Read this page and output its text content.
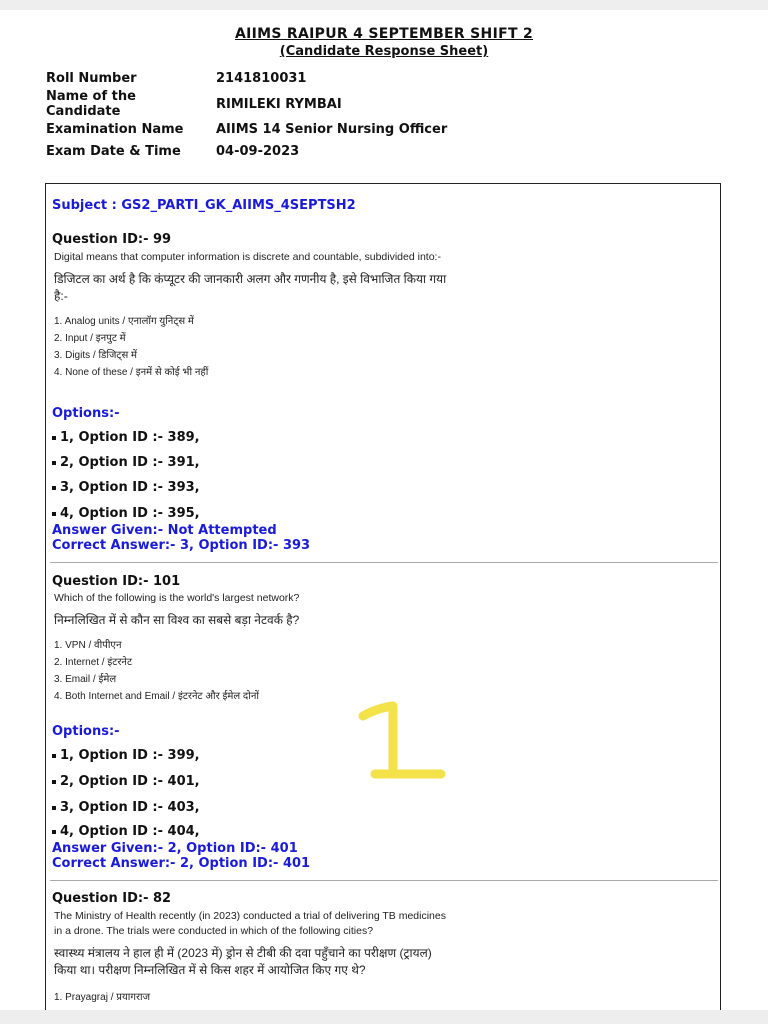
AIIMS RAIPUR 4 SEPTEMBER SHIFT 2
(Candidate Response Sheet)
Roll Number	2141810031
Name of the
Candidate	RIMILEKI RYMBAI
Examination Name	AIIMS 14 Senior Nursing Officer
Exam Date & Time	04-09-2023
Subject : GS2_PARTI_GK_AIIMS_4SEPTSH2
Question ID:- 99
Digital means that computer information is discrete and countable, subdivided into:-
डिजिटल का अर्थ है कि कंप्यूटर की जानकारी अलग और गणनीय है, इसे विभाजित किया गया
है:-
1. Analog units / एनालॉग युनिट्स में
2. Input / इनपुट में
3. Digits / डिजिट्स में
4. None of these / इनमें से कोई भी नहीं
Options:-
1, Option ID :- 389,
2, Option ID :- 391,
3, Option ID :- 393,
4, Option ID :- 395,
Answer Given:- Not Attempted
Correct Answer:- 3, Option ID:- 393
Question ID:- 101
Which of the following is the world's largest network?
निम्नलिखित में से कौन सा विश्व का सबसे बड़ा नेटवर्क है?
1. VPN / वीपीएन
2. Internet / इंटरनेट
3. Email / ईमेल
4. Both Internet and Email / इंटरनेट और ईमेल दोनों
Options:-
1, Option ID :- 399,
2, Option ID :- 401,
3, Option ID :- 403,
4, Option ID :- 404,
Answer Given:- 2, Option ID:- 401
Correct Answer:- 2, Option ID:- 401
Question ID:- 82
The Ministry of Health recently (in 2023) conducted a trial of delivering TB medicines
in a drone. The trials were conducted in which of the following cities?
स्वास्थ्य मंत्रालय ने हाल ही में (2023 में) ड्रोन से टीबी की दवा पहुँचाने का परीक्षण (ट्रायल)
किया था। परीक्षण निम्नलिखित में से किस शहर में आयोजित किए गए थे?
1. Prayagraj / प्रयागराज
